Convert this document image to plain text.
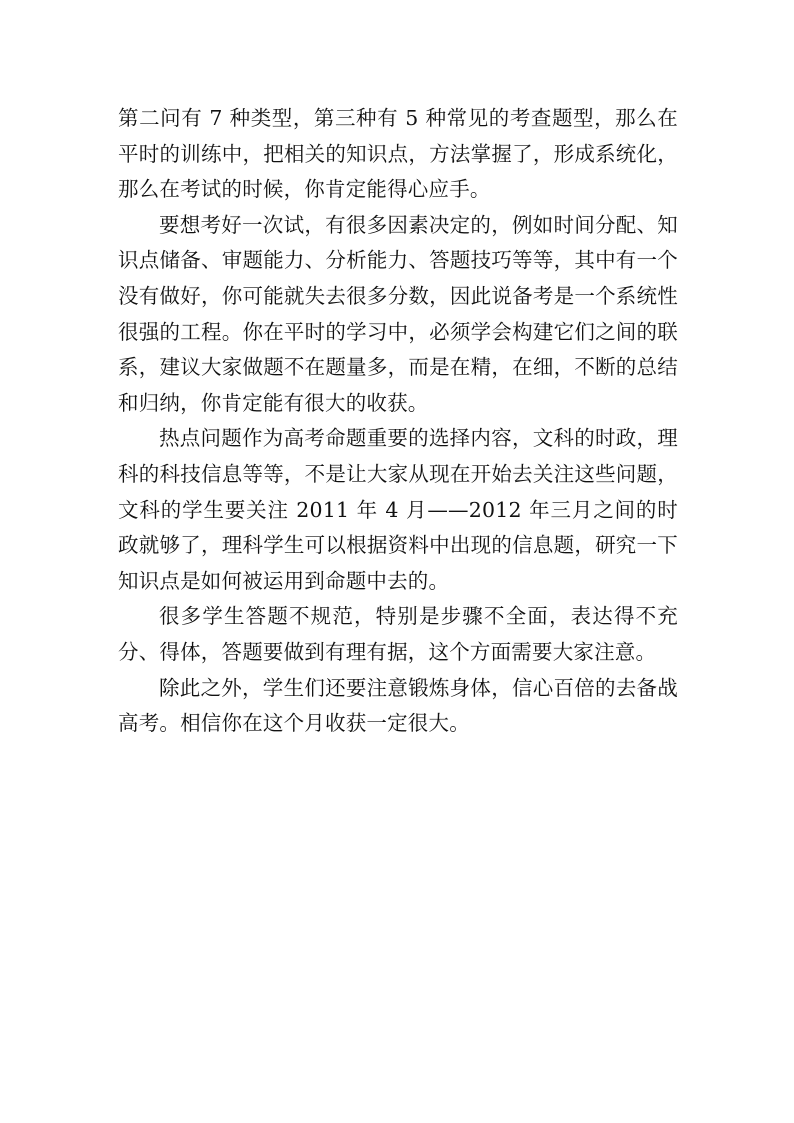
第二问有 7 种类型，第三种有 5 种常见的考查题型，那么在平时的训练中，把相关的知识点，方法掌握了，形成系统化，那么在考试的时候，你肯定能得心应手。

要想考好一次试，有很多因素决定的，例如时间分配、知识点储备、审题能力、分析能力、答题技巧等等，其中有一个没有做好，你可能就失去很多分数，因此说备考是一个系统性很强的工程。你在平时的学习中，必须学会构建它们之间的联系，建议大家做题不在题量多，而是在精，在细，不断的总结和归纳，你肯定能有很大的收获。

热点问题作为高考命题重要的选择内容，文科的时政，理科的科技信息等等，不是让大家从现在开始去关注这些问题，文科的学生要关注 2011 年 4 月——2012 年三月之间的时政就够了，理科学生可以根据资料中出现的信息题，研究一下知识点是如何被运用到命题中去的。

很多学生答题不规范，特别是步骤不全面，表达得不充分、得体，答题要做到有理有据，这个方面需要大家注意。

除此之外，学生们还要注意锻炼身体，信心百倍的去备战高考。相信你在这个月收获一定很大。
